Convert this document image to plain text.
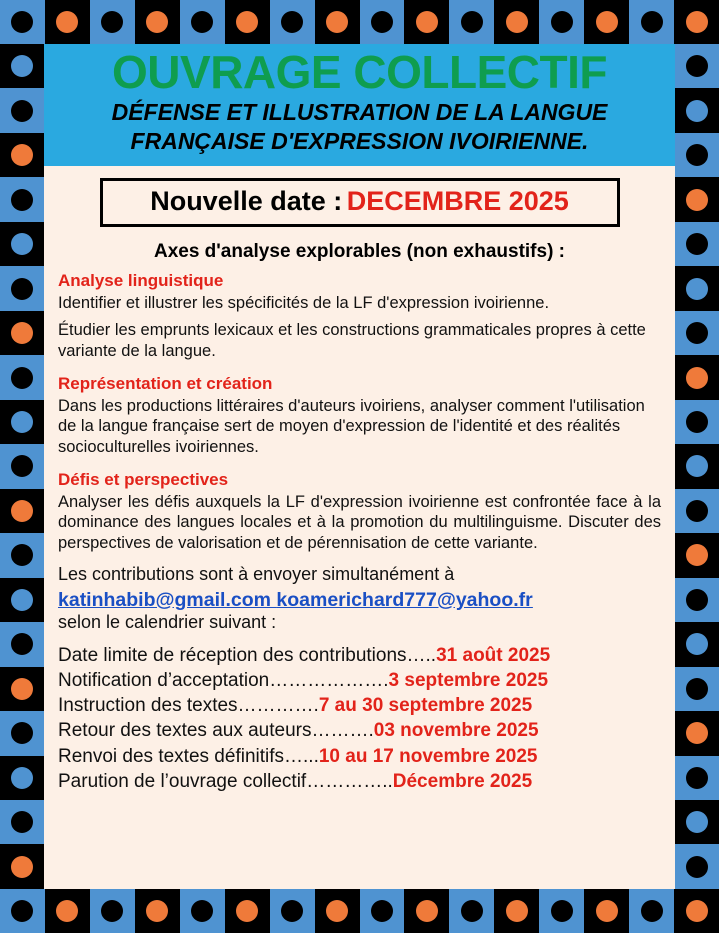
OUVRAGE COLLECTIF
DÉFENSE ET ILLUSTRATION DE LA LANGUE
FRANÇAISE D'EXPRESSION IVOIRIENNE.
Nouvelle date : DECEMBRE 2025
Axes d'analyse explorables (non exhaustifs) :
Analyse linguistique

Identifier et illustrer les spécificités de la LF d'expression ivoirienne.

Étudier les emprunts lexicaux et les constructions grammaticales propres à cette variante de la langue.

Représentation et création

Dans les productions littéraires d'auteurs ivoiriens, analyser comment l'utilisation de la langue française sert de moyen d'expression de l'identité et des réalités socioculturelles ivoiriennes.

Défis et perspectives

Analyser les défis auxquels la LF d'expression ivoirienne est confrontée face à la dominance des langues locales et à la promotion du multilinguisme. Discuter des perspectives de valorisation et de pérennisation de cette variante.

Les contributions sont à envoyer simultanément à

katinhabib@gmail.com koamerichard777@yahoo.fr

selon le calendrier suivant :

Date limite de réception des contributions…..31 août 2025
Notification d’acceptation……………….3 septembre 2025
Instruction des textes………….7 au 30 septembre 2025
Retour des textes aux auteurs……….03 novembre 2025
Renvoi des textes définitifs…...10 au 17 novembre 2025
Parution de l’ouvrage collectif…………..Décembre 2025
